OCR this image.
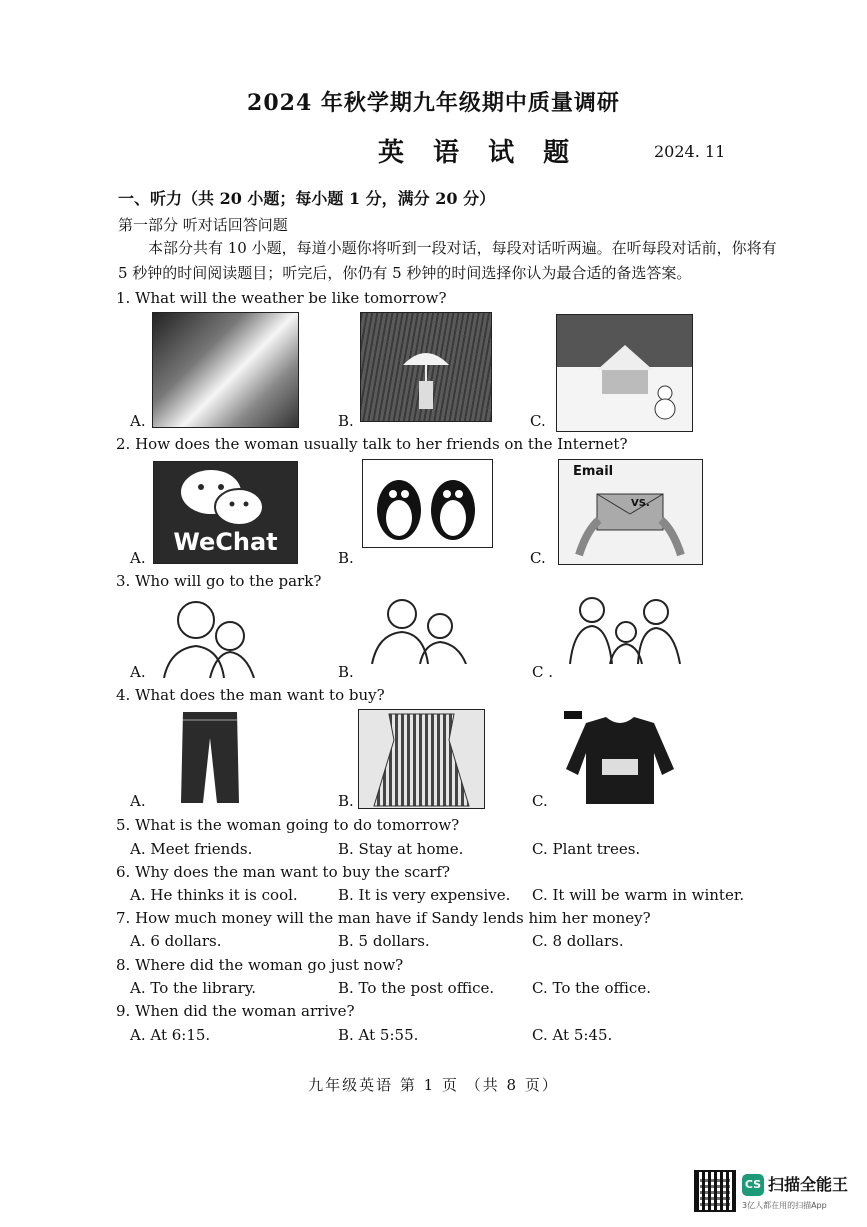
2024 年秋学期九年级期中质量调研
英 语 试 题	2024. 11
一、听力（共 20 小题；每小题 1 分，满分 20 分）
第一部分 听对话回答问题
本部分共有 10 小题，每道小题你将听到一段对话，每段对话听两遍。在听每段对话前，你将有 5 秒钟的时间阅读题目；听完后，你仍有 5 秒钟的时间选择你认为最合适的备选答案。
1. What will the weather be like tomorrow?
A.	B.	C.
2. How does the woman usually talk to her friends on the Internet?
A.
WeChat
B.	C.
Email
VS.
3. Who will go to the park?
A.	B.	C .
4. What does the man want to buy?
A.	B.	C.
5. What is the woman going to do tomorrow?
A. Meet friends.	B. Stay at home.	C. Plant trees.
6. Why does the man want to buy the scarf?
A. He thinks it is cool.	B. It is very expensive. C. It will be warm in winter.
7. How much money will the man have if Sandy lends him her money?
A. 6 dollars.	B. 5 dollars.	C. 8 dollars.
8. Where did the woman go just now?
A. To the library.	B. To the post office.	C. To the office.
9. When did the woman arrive?
A. At 6:15.	B. At 5:55.	C. At 5:45.
九年级英语 第 1 页 （共 8 页）
CS 扫描全能王
3亿人都在用的扫描App
